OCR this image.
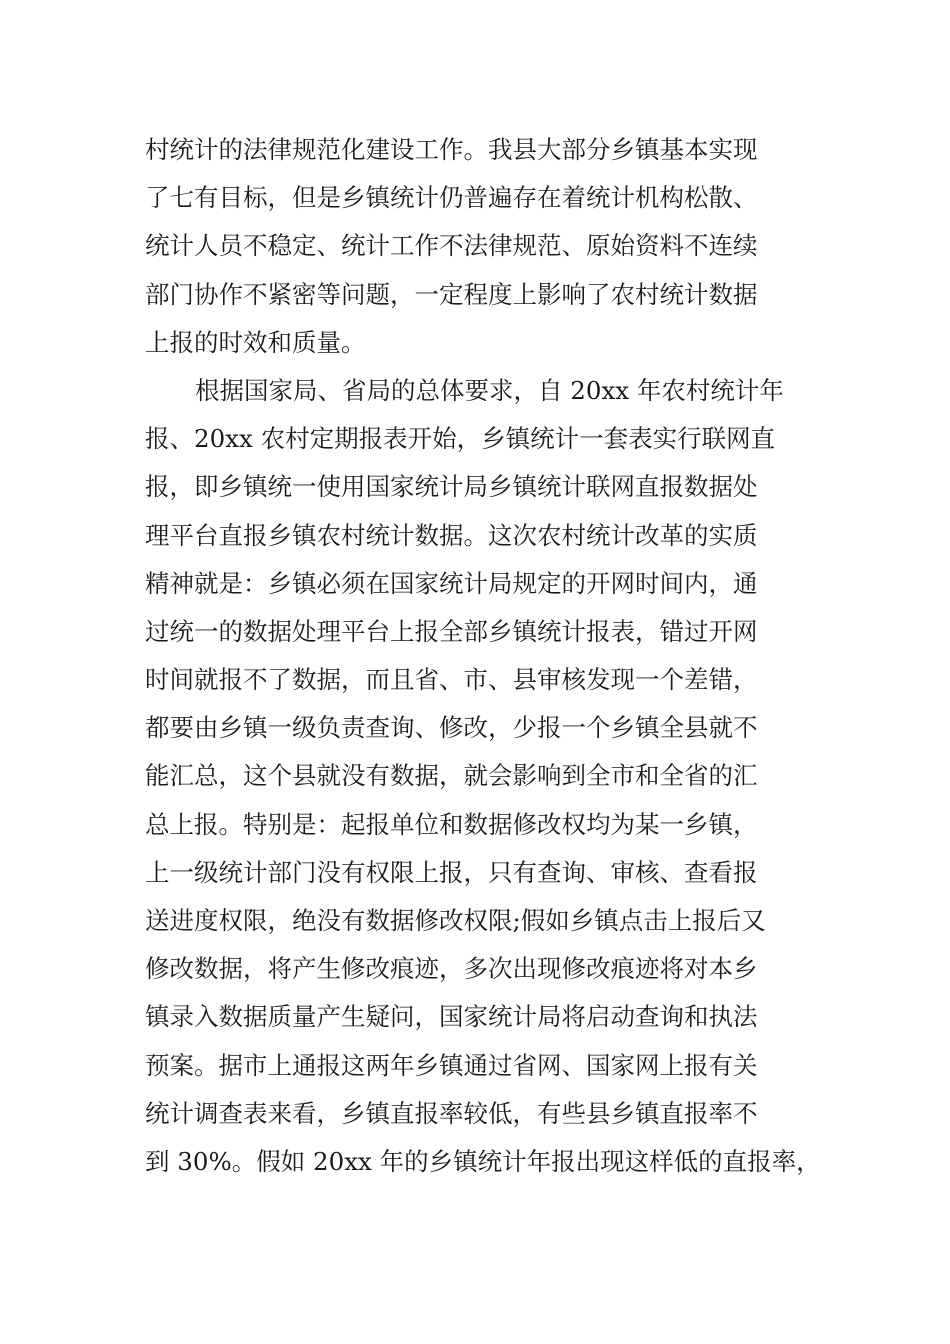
村统计的法律规范化建设工作。我县大部分乡镇基本实现
了七有目标，但是乡镇统计仍普遍存在着统计机构松散、
统计人员不稳定、统计工作不法律规范、原始资料不连续
部门协作不紧密等问题，一定程度上影响了农村统计数据
上报的时效和质量。
根据国家局、省局的总体要求，自 20xx 年农村统计年
报、20xx 农村定期报表开始，乡镇统计一套表实行联网直
报，即乡镇统一使用国家统计局乡镇统计联网直报数据处
理平台直报乡镇农村统计数据。这次农村统计改革的实质
精神就是：乡镇必须在国家统计局规定的开网时间内，通
过统一的数据处理平台上报全部乡镇统计报表，错过开网
时间就报不了数据，而且省、市、县审核发现一个差错，
都要由乡镇一级负责查询、修改，少报一个乡镇全县就不
能汇总，这个县就没有数据，就会影响到全市和全省的汇
总上报。特别是：起报单位和数据修改权均为某一乡镇，
上一级统计部门没有权限上报，只有查询、审核、查看报
送进度权限，绝没有数据修改权限;假如乡镇点击上报后又
修改数据，将产生修改痕迹，多次出现修改痕迹将对本乡
镇录入数据质量产生疑问，国家统计局将启动查询和执法
预案。据市上通报这两年乡镇通过省网、国家网上报有关
统计调查表来看，乡镇直报率较低，有些县乡镇直报率不
到 30%。假如 20xx 年的乡镇统计年报出现这样低的直报率，
